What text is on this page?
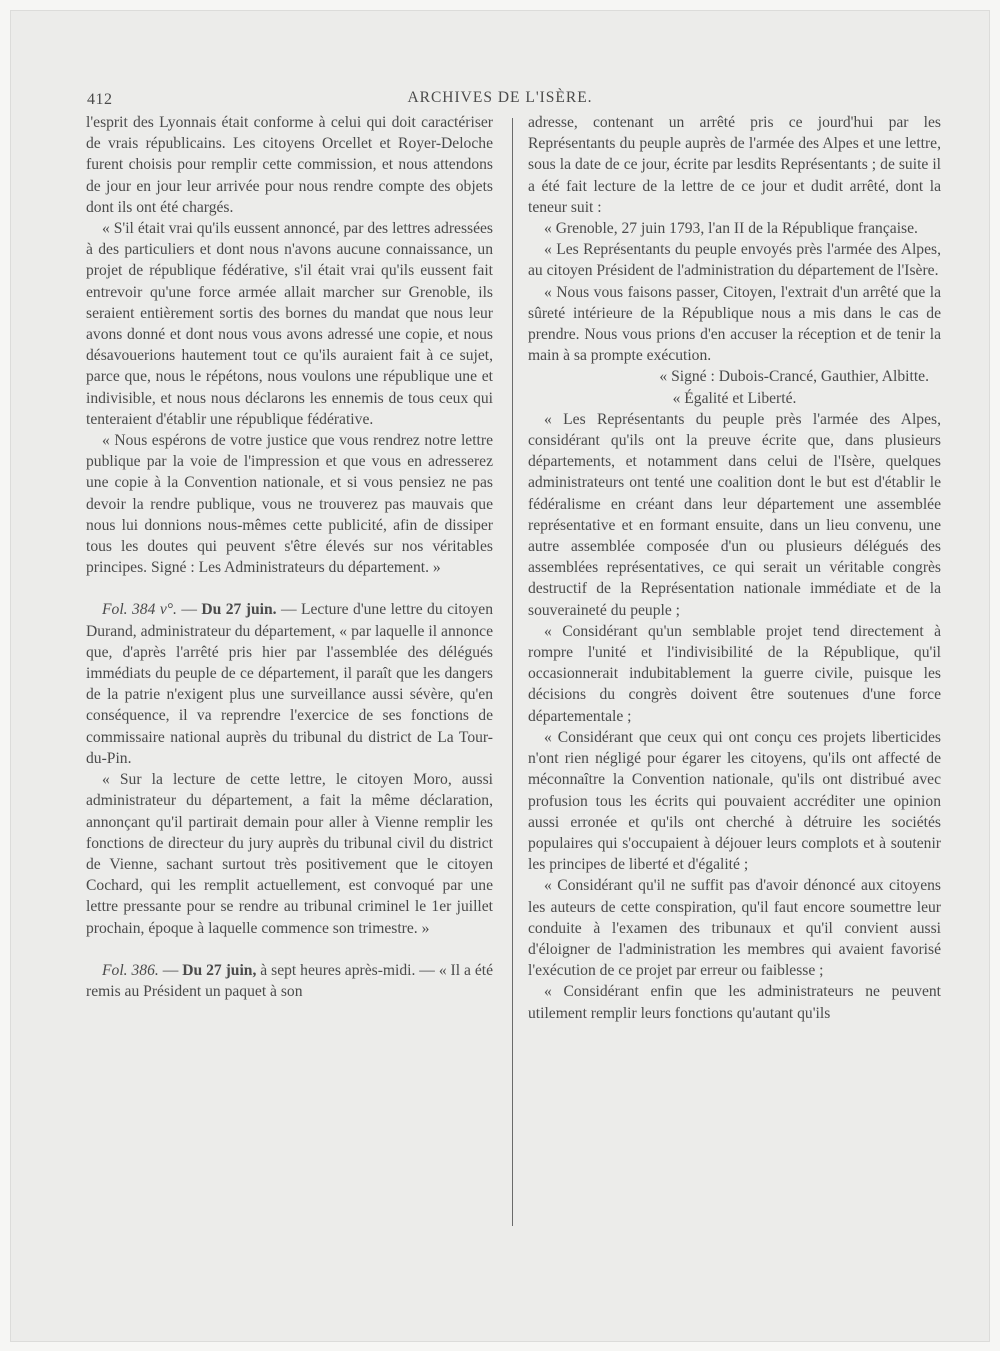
412	ARCHIVES DE L'ISÈRE.

l'esprit des Lyonnais était conforme à celui qui doit caractériser de vrais républicains. Les citoyens Orcellet et Royer-Deloche furent choisis pour remplir cette commission, et nous attendons de jour en jour leur arrivée pour nous rendre compte des objets dont ils ont été chargés.

« S'il était vrai qu'ils eussent annoncé, par des lettres adressées à des particuliers et dont nous n'avons aucune connaissance, un projet de république fédérative, s'il était vrai qu'ils eussent fait entrevoir qu'une force armée allait marcher sur Grenoble, ils seraient entièrement sortis des bornes du mandat que nous leur avons donné et dont nous vous avons adressé une copie, et nous désavouerions hautement tout ce qu'ils auraient fait à ce sujet, parce que, nous le répétons, nous voulons une république une et indivisible, et nous nous déclarons les ennemis de tous ceux qui tenteraient d'établir une république fédérative.

« Nous espérons de votre justice que vous rendrez notre lettre publique par la voie de l'impression et que vous en adresserez une copie à la Convention nationale, et si vous pensiez ne pas devoir la rendre publique, vous ne trouverez pas mauvais que nous lui donnions nous-mêmes cette publicité, afin de dissiper tous les doutes qui peuvent s'être élevés sur nos véritables principes. Signé : Les Administrateurs du département. »

Fol. 384 v°. — Du 27 juin. — Lecture d'une lettre du citoyen Durand, administrateur du département, « par laquelle il annonce que, d'après l'arrêté pris hier par l'assemblée des délégués immédiats du peuple de ce département, il paraît que les dangers de la patrie n'exigent plus une surveillance aussi sévère, qu'en conséquence, il va reprendre l'exercice de ses fonctions de commissaire national auprès du tribunal du district de La Tour-du-Pin.

« Sur la lecture de cette lettre, le citoyen Moro, aussi administrateur du département, a fait la même déclaration, annonçant qu'il partirait demain pour aller à Vienne remplir les fonctions de directeur du jury auprès du tribunal civil du district de Vienne, sachant surtout très positivement que le citoyen Cochard, qui les remplit actuellement, est convoqué par une lettre pressante pour se rendre au tribunal criminel le 1er juillet prochain, époque à laquelle commence son trimestre. »

Fol. 386. — Du 27 juin, à sept heures après-midi. — « Il a été remis au Président un paquet à son

adresse, contenant un arrêté pris ce jourd'hui par les Représentants du peuple auprès de l'armée des Alpes et une lettre, sous la date de ce jour, écrite par lesdits Représentants ; de suite il a été fait lecture de la lettre de ce jour et dudit arrêté, dont la teneur suit :

« Grenoble, 27 juin 1793, l'an II de la République française.

« Les Représentants du peuple envoyés près l'armée des Alpes, au citoyen Président de l'administration du département de l'Isère.

« Nous vous faisons passer, Citoyen, l'extrait d'un arrêté que la sûreté intérieure de la République nous a mis dans le cas de prendre. Nous vous prions d'en accuser la réception et de tenir la main à sa prompte exécution.

« Signé : Dubois-Crancé, Gauthier, Albitte.

« Égalité et Liberté.

« Les Représentants du peuple près l'armée des Alpes, considérant qu'ils ont la preuve écrite que, dans plusieurs départements, et notamment dans celui de l'Isère, quelques administrateurs ont tenté une coalition dont le but est d'établir le fédéralisme en créant dans leur département une assemblée représentative et en formant ensuite, dans un lieu convenu, une autre assemblée composée d'un ou plusieurs délégués des assemblées représentatives, ce qui serait un véritable congrès destructif de la Représentation nationale immédiate et de la souveraineté du peuple ;

« Considérant qu'un semblable projet tend directement à rompre l'unité et l'indivisibilité de la République, qu'il occasionnerait indubitablement la guerre civile, puisque les décisions du congrès doivent être soutenues d'une force départementale ;

« Considérant que ceux qui ont conçu ces projets liberticides n'ont rien négligé pour égarer les citoyens, qu'ils ont affecté de méconnaître la Convention nationale, qu'ils ont distribué avec profusion tous les écrits qui pouvaient accréditer une opinion aussi erronée et qu'ils ont cherché à détruire les sociétés populaires qui s'occupaient à déjouer leurs complots et à soutenir les principes de liberté et d'égalité ;

« Considérant qu'il ne suffit pas d'avoir dénoncé aux citoyens les auteurs de cette conspiration, qu'il faut encore soumettre leur conduite à l'examen des tribunaux et qu'il convient aussi d'éloigner de l'administration les membres qui avaient favorisé l'exécution de ce projet par erreur ou faiblesse ;

« Considérant enfin que les administrateurs ne peuvent utilement remplir leurs fonctions qu'autant qu'ils
